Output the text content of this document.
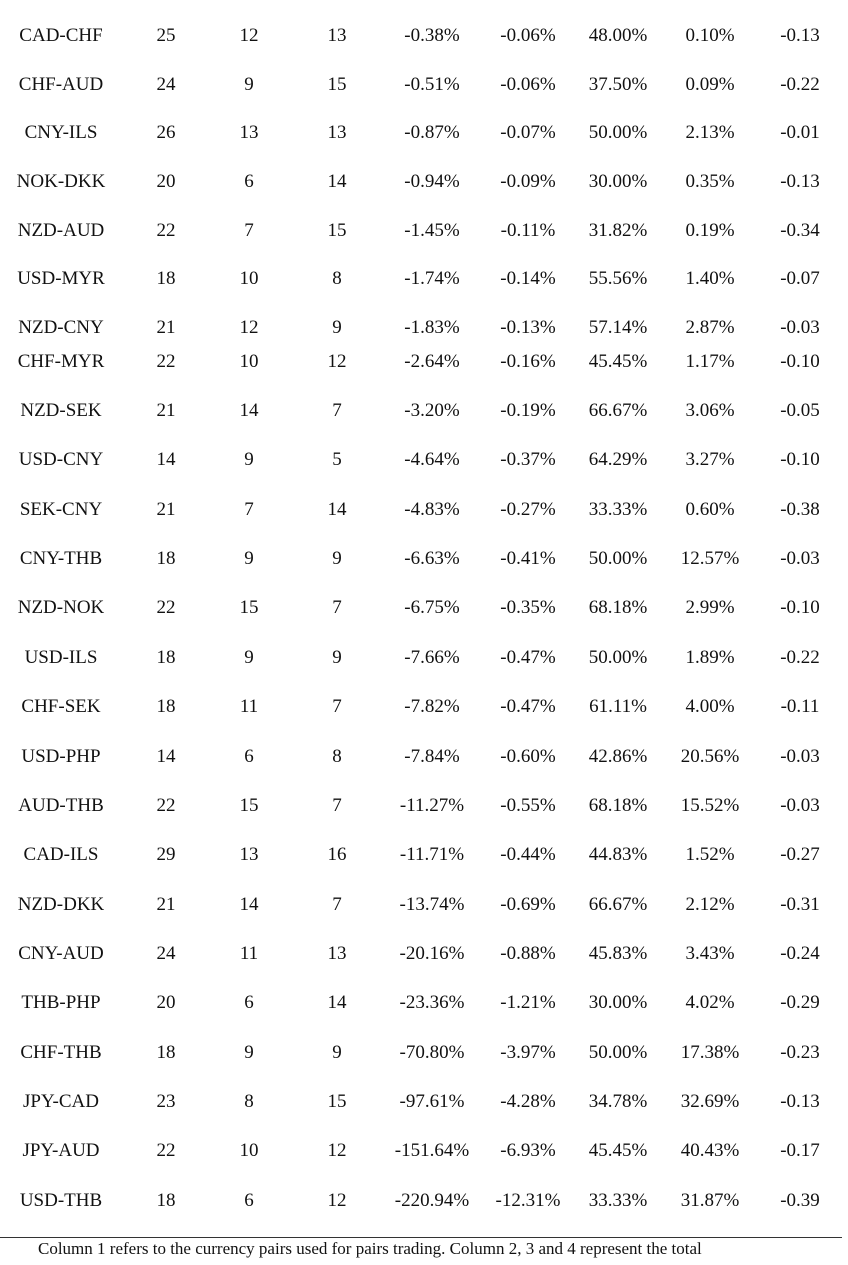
CAD-CHF	25	12	13	-0.38% -0.06% 48.00% 0.10% -0.13
CHF-AUD	24	9	15	-0.51% -0.06% 37.50% 0.09% -0.22
CNY-ILS	26	13	13	-0.87% -0.07% 50.00% 2.13% -0.01
NOK-DKK	20	6	14	-0.94% -0.09% 30.00% 0.35% -0.13
NZD-AUD	22	7	15	-1.45% -0.11% 31.82% 0.19% -0.34
USD-MYR	18	10	8	-1.74% -0.14% 55.56% 1.40% -0.07
NZD-CNY	21	12	9	-1.83% -0.13% 57.14% 2.87% -0.03
CHF-MYR	22	10	12	-2.64% -0.16% 45.45% 1.17% -0.10
NZD-SEK	21	14	7	-3.20% -0.19% 66.67% 3.06% -0.05
USD-CNY	14	9	5	-4.64% -0.37% 64.29% 3.27% -0.10
SEK-CNY	21	7	14	-4.83% -0.27% 33.33% 0.60% -0.38
CNY-THB	18	9	9	-6.63% -0.41% 50.00% 12.57% -0.03
NZD-NOK	22	15	7	-6.75% -0.35% 68.18% 2.99% -0.10
USD-ILS	18	9	9	-7.66% -0.47% 50.00% 1.89% -0.22
CHF-SEK	18	11	7	-7.82% -0.47% 61.11% 4.00% -0.11
USD-PHP	14	6	8	-7.84% -0.60% 42.86% 20.56% -0.03
AUD-THB	22	15	7	-11.27% -0.55% 68.18% 15.52% -0.03
CAD-ILS	29	13	16	-11.71% -0.44% 44.83% 1.52% -0.27
NZD-DKK	21	14	7	-13.74% -0.69% 66.67% 2.12% -0.31
CNY-AUD	24	11	13	-20.16% -0.88% 45.83% 3.43% -0.24
THB-PHP	20	6	14	-23.36% -1.21% 30.00% 4.02% -0.29
CHF-THB	18	9	9	-70.80% -3.97% 50.00% 17.38% -0.23
JPY-CAD	23	8	15	-97.61% -4.28% 34.78% 32.69% -0.13
JPY-AUD	22	10	12	-151.64% -6.93% 45.45% 40.43% -0.17
USD-THB	18	6	12	-220.94% -12.31% 33.33% 31.87% -0.39
Column 1 refers to the currency pairs used for pairs trading. Column 2, 3 and 4 represent the total
